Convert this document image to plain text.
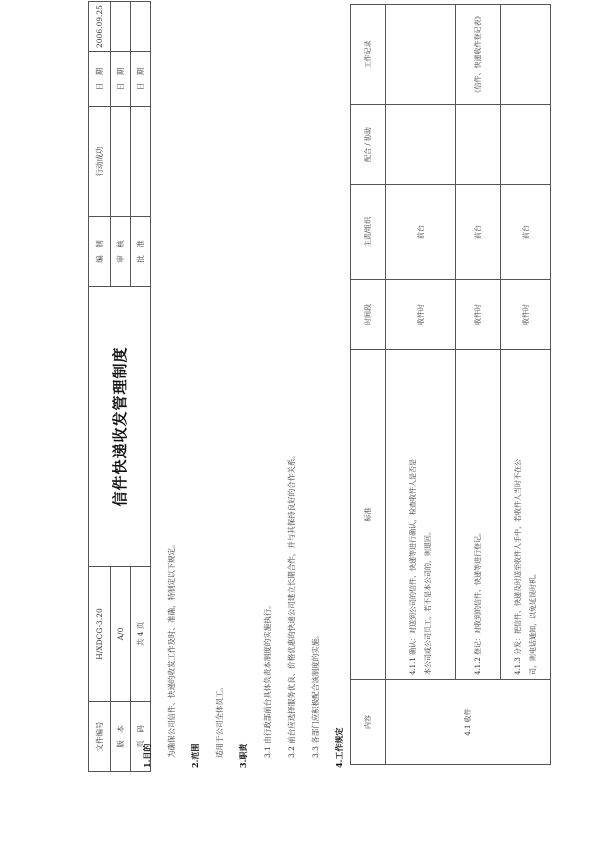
文件编号	H/XDCG-3.20	信件快递收发管理制度	编　制	行动成功	日　期	2006.09.25
版　本	A/0		审　核		日　期	
页　码	共 4 页		批　准		日　期	
1.目的 为确保公司信件、快递的收发工作及时、准确，特制定以下规定。 2.范围 适用于公司全体员工。 3.职责 3.1 由行政部前台具体负责本制度的实施执行。 3.2 前台应选择服务优良、价格优惠的快递公司建立长期合作，并与其保持良好的合作关系。 3.3 各部门应积极配合该制度的实施。 4.工作规定
内容	标准	时间段	主责/组织	配合 / 协助	工作记录
4.1 收件	4.1.1 确认：对送到公司的信件、快递等进行确认，检查收件人是否是 本公司或公司员工，若不是本公司的，则退回。	收件时	前台		

	4.1.2 登记：对收到的信件、快递等进行登记。	收件时	前台		《信件、快递收件登记表》

	4.1.3 分发：把信件、快递及时送至收件人手中，若收件人当时不在公 司，则电话通知，以免延误时机。	收件时	前台		
